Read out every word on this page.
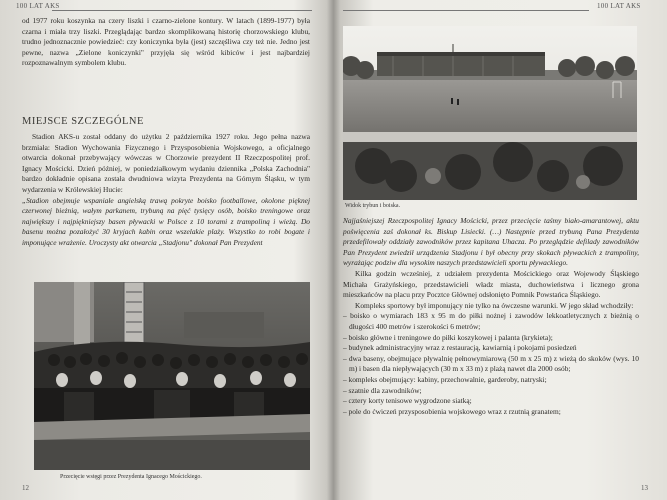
100 LAT AKS

od 1977 roku koszynka na czery liszki i czarno-zielone kontury. W latach (1899-1977) była czarna i miała trzy liszki. Przeglądając bardzo skomplikowaną historię chorzowskiego klubu, trudno jednoznacznie powiedzieć: czy koniczynka była (jest) szczęśliwa czy też nie. Jedno jest pewne, nazwa „Zielone koniczynki" przyjęła się wśród kibiców i jest najbardziej rozpoznawalnym symbolem klubu.

MIEJSCE SZCZEGÓLNE

Stadion AKS-u został oddany do użytku 2 października 1927 roku. Jego pełna nazwa brzmiała: Stadion Wychowania Fizycznego i Przysposobienia Wojskowego, a oficjalnego otwarcia dokonał przebywający wówczas w Chorzowie prezydent II Rzeczpospolitej prof. Ignacy Mościcki. Dzień później, w poniedziałkowym wydaniu dziennika „Polska Zachodnia" bardzo dokładnie opisana została dwudniowa wizyta Prezydenta na Górnym Śląsku, w tym wydarzenia w Królewskiej Hucie:

„Stadion obejmuje wspaniałe angielską trawą pokryte boisko footballowe, okolone pięknej czerwonej bieżnią, wałym parkanem, trybuną na pięć tysięcy osób, boisko treningowe oraz największy i najpiękniejszy basen pływacki w Polsce z 10 torami z trampoliną i wieżą. Do basenu można pozałożyć 30 kryjach kabin oraz wszelakie plaży. Wszystko to robi bogate i imponujące wrażenie. Uroczysty akt otwarcia „Stadjonu" dokonał Pan Prezydent

Przecięcie wstęgi przez Prezydenta Ignacego Mościckiego.
12
100 LAT AKS
Widok trybun i boiska.

Najjaśniejszej Rzeczpospolitej Ignacy Mościcki, przez przecięcie taśmy biało-amarantowej, aktu poświęcenia zaś dokonał ks. Biskup Lisiecki. (…) Następnie przed trybuną Pana Prezydenta przedefilowały oddziały zawodników przez kapitana Uhacza. Po przeglądzie defilady zawodników Pan Prezydent zwiedził urządzenia Stadjonu i był obecny przy skokach pływackich z trampoliny, wyrażając podziw dla wysokim naszych przedstawicieli sportu pływackiego.

Kilka godzin wcześniej, z udziałem prezydenta Mościckiego oraz Wojewody Śląskiego Michała Grażyńskiego, przedstawicieli władz miasta, duchowieństwa i licznego grona mieszkańców na placu przy Pocztce Głównej odsłonięto Pomnik Powstańca Śląskiego.

Kompleks sportowy był imponujący nie tylko na ówczesne warunki. W jego skład wchodziły:

– boisko o wymiarach 183 x 95 m do piłki nożnej i zawodów lekkoatletycznych z bieżnią o długości 400 metrów i szerokości 6 metrów;
– boisko główne i treningowe do piłki koszykowej i palanta (krykieta);
– budynek administracyjny wraz z restauracją, kawiarnią i pokojami posiedzeń
– dwa baseny, obejmujące pływalnię pełnowymiarową (50 m x 25 m) z wieżą do skoków (wys. 10 m) i basen dla niepływających (30 m x 33 m) z plażą nawet dla 2000 osób;
– kompleks obejmujący: kabiny, przechowalnie, garderoby, natryski;
– szatnie dla zawodników;
– cztery korty tenisowe wygrodzone siatką;
– pole do ćwiczeń przysposobienia wojskowego wraz z rzutnią granatem;
13
